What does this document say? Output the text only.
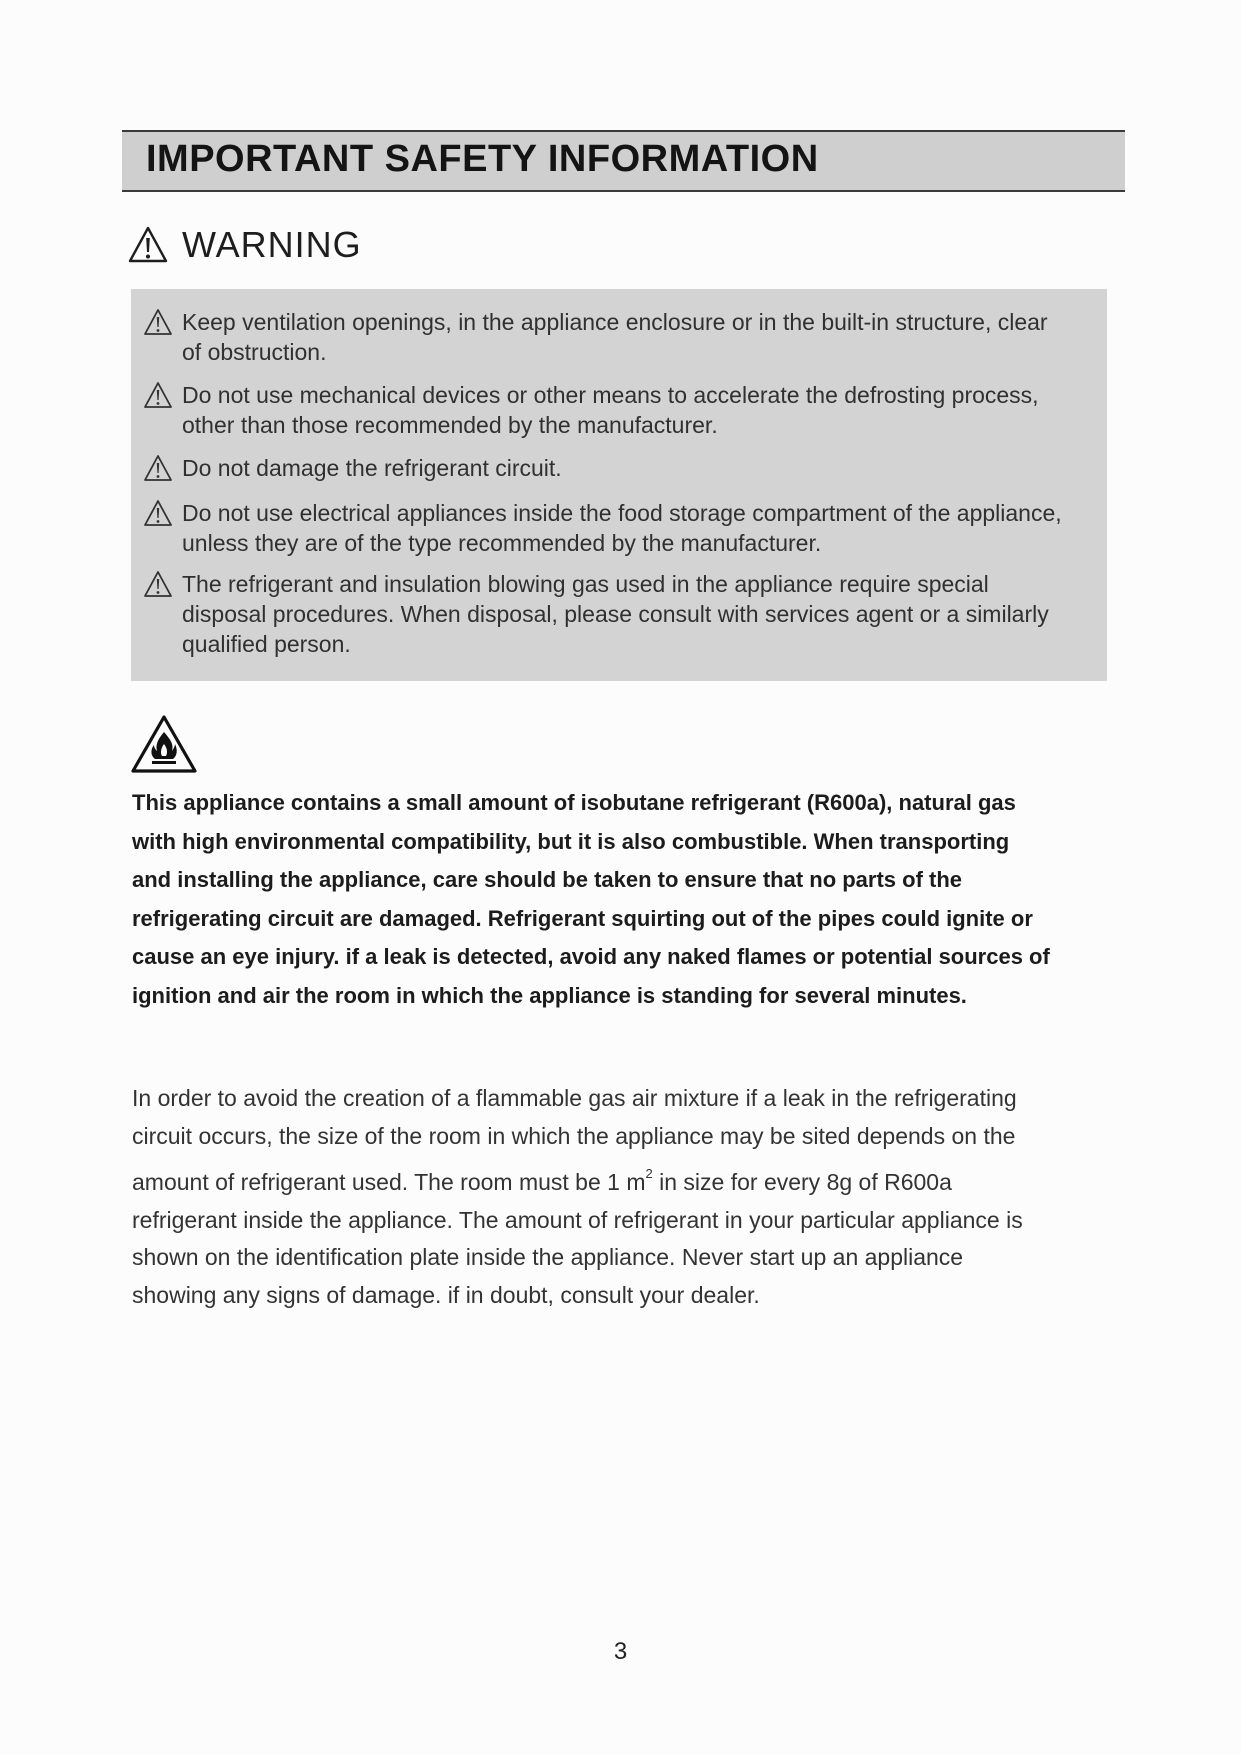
IMPORTANT SAFETY INFORMATION
WARNING
Keep ventilation openings, in the appliance enclosure or in the built-in structure, clear of obstruction.
Do not use mechanical devices or other means to accelerate the defrosting process, other than those recommended by the manufacturer.
Do not damage the refrigerant circuit.
Do not use electrical appliances inside the food storage compartment of the appliance, unless they are of the type recommended by the manufacturer.
The refrigerant and insulation blowing gas used in the appliance require special disposal procedures. When disposal, please consult with services agent or a similarly qualified person.
This appliance contains a small amount of isobutane refrigerant (R600a), natural gas with high environmental compatibility, but it is also combustible. When transporting and installing the appliance, care should be taken to ensure that no parts of the refrigerating circuit are damaged. Refrigerant squirting out of the pipes could ignite or cause an eye injury. if a leak is detected, avoid any naked flames or potential sources of ignition and air the room in which the appliance is standing for several minutes.
In order to avoid the creation of a flammable gas air mixture if a leak in the refrigerating circuit occurs, the size of the room in which the appliance may be sited depends on the amount of refrigerant used. The room must be 1 $m^2$ in size for every 8g of R600a refrigerant inside the appliance. The amount of refrigerant in your particular appliance is shown on the identification plate inside the appliance. Never start up an appliance showing any signs of damage. if in doubt, consult your dealer.
3
